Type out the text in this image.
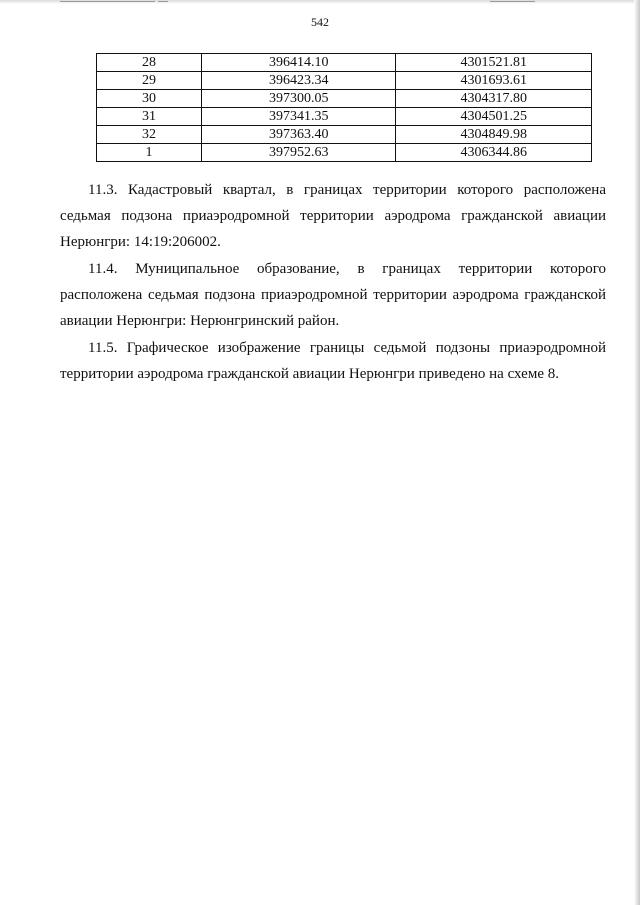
542
28	396414.10	4301521.81
29	396423.34	4301693.61
30	397300.05	4304317.80
31	397341.35	4304501.25
32	397363.40	4304849.98
1	397952.63	4306344.86

11.3. Кадастровый квартал, в границах территории которого расположена седьмая подзона приаэродромной территории аэродрома гражданской авиации Нерюнгри: 14:19:206002.

11.4. Муниципальное образование, в границах территории которого расположена седьмая подзона приаэродромной территории аэродрома гражданской авиации Нерюнгри: Нерюнгринский район.

11.5. Графическое изображение границы седьмой подзоны приаэродромной территории аэродрома гражданской авиации Нерюнгри приведено на схеме 8.
